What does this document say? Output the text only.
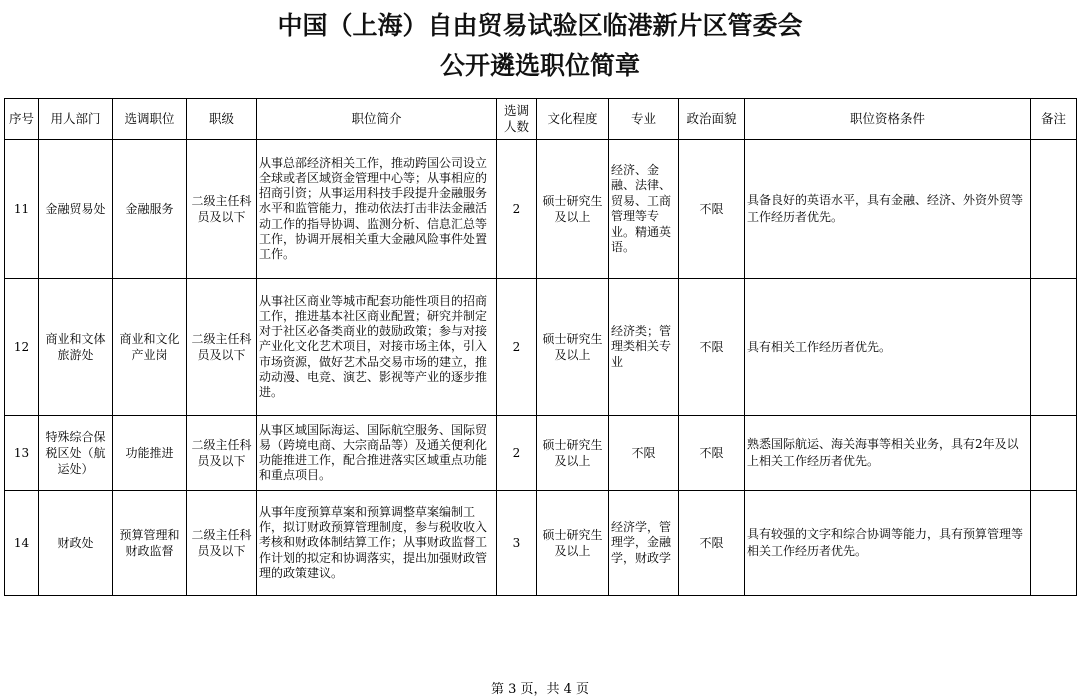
中国（上海）自由贸易试验区临港新片区管委会
公开遴选职位简章
序号	用人部门	选调职位	职级	职位简介	选调人数	文化程度	专业	政治面貌	职位资格条件	备注
11	金融贸易处	金融服务	二级主任科员及以下	从事总部经济相关工作，推动跨国公司设立全球或者区域资金管理中心等；从事相应的招商引资；从事运用科技手段提升金融服务水平和监管能力，推动依法打击非法金融活动工作的指导协调、监测分析、信息汇总等工作，协调开展相关重大金融风险事件处置工作。	2	硕士研究生及以上	经济、金融、法律、贸易、工商管理等专业。精通英语。	不限	具备良好的英语水平，具有金融、经济、外资外贸等工作经历者优先。	
12	商业和文体旅游处	商业和文化产业岗	二级主任科员及以下	从事社区商业等城市配套功能性项目的招商工作，推进基本社区商业配置；研究并制定对于社区必备类商业的鼓励政策；参与对接产业化文化艺术项目，对接市场主体，引入市场资源，做好艺术品交易市场的建立，推动动漫、电竞、演艺、影视等产业的逐步推进。	2	硕士研究生及以上	经济类；管理类相关专业	不限	具有相关工作经历者优先。	
13	特殊综合保税区处（航运处）	功能推进	二级主任科员及以下	从事区域国际海运、国际航空服务、国际贸易（跨境电商、大宗商品等）及通关便利化功能推进工作，配合推进落实区域重点功能和重点项目。	2	硕士研究生及以上	不限	不限	熟悉国际航运、海关海事等相关业务，具有2年及以上相关工作经历者优先。	
14	财政处	预算管理和财政监督	二级主任科员及以下	从事年度预算草案和预算调整草案编制工作，拟订财政预算管理制度，参与税收收入考核和财政体制结算工作；从事财政监督工作计划的拟定和协调落实，提出加强财政管理的政策建议。	3	硕士研究生及以上	经济学，管理学，金融学，财政学	不限	具有较强的文字和综合协调等能力，具有预算管理等相关工作经历者优先。	
第 3 页，共 4 页
